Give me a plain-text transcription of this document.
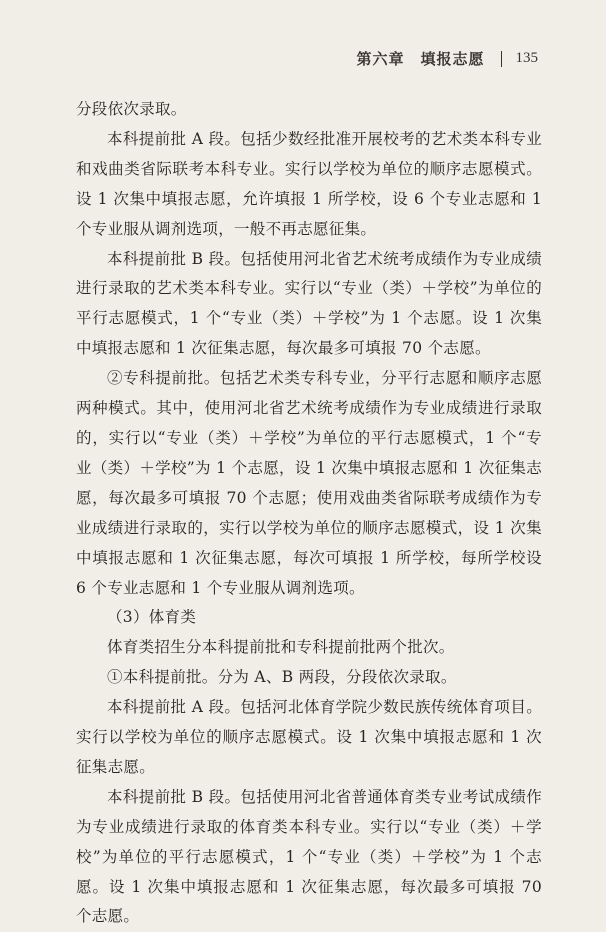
第六章　填报志愿 135

分段依次录取。

本科提前批 A 段。包括少数经批准开展校考的艺术类本科专业和戏曲类省际联考本科专业。实行以学校为单位的顺序志愿模式。设 1 次集中填报志愿，允许填报 1 所学校，设 6 个专业志愿和 1 个专业服从调剂选项，一般不再志愿征集。

本科提前批 B 段。包括使用河北省艺术统考成绩作为专业成绩进行录取的艺术类本科专业。实行以“专业（类）＋学校”为单位的平行志愿模式，1 个“专业（类）＋学校”为 1 个志愿。设 1 次集中填报志愿和 1 次征集志愿，每次最多可填报 70 个志愿。

②专科提前批。包括艺术类专科专业，分平行志愿和顺序志愿两种模式。其中，使用河北省艺术统考成绩作为专业成绩进行录取的，实行以“专业（类）＋学校”为单位的平行志愿模式，1 个“专业（类）＋学校”为 1 个志愿，设 1 次集中填报志愿和 1 次征集志愿，每次最多可填报 70 个志愿；使用戏曲类省际联考成绩作为专业成绩进行录取的，实行以学校为单位的顺序志愿模式，设 1 次集中填报志愿和 1 次征集志愿，每次可填报 1 所学校，每所学校设 6 个专业志愿和 1 个专业服从调剂选项。

（3）体育类

体育类招生分本科提前批和专科提前批两个批次。

①本科提前批。分为 A、B 两段，分段依次录取。

本科提前批 A 段。包括河北体育学院少数民族传统体育项目。实行以学校为单位的顺序志愿模式。设 1 次集中填报志愿和 1 次征集志愿。

本科提前批 B 段。包括使用河北省普通体育类专业考试成绩作为专业成绩进行录取的体育类本科专业。实行以“专业（类）＋学校”为单位的平行志愿模式，1 个“专业（类）＋学校”为 1 个志愿。设 1 次集中填报志愿和 1 次征集志愿，每次最多可填报 70 个志愿。
